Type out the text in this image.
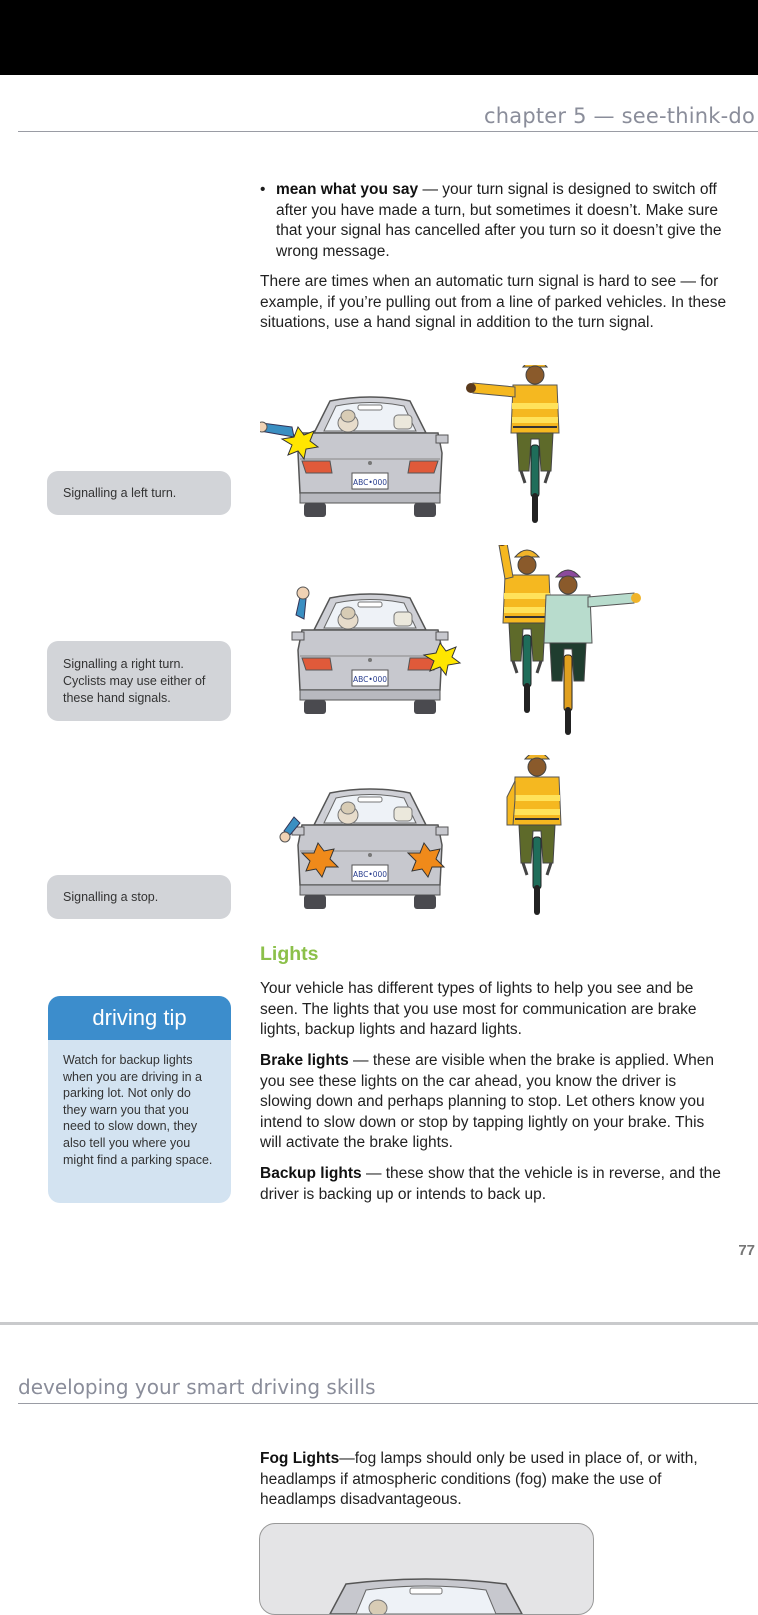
chapter 5 — see-think-do
• mean what you say — your turn signal is designed to switch off after you have made a turn, but sometimes it doesn’t. Make sure that your signal has cancelled after you turn so it doesn’t give the wrong message.
There are times when an automatic turn signal is hard to see — for example, if you’re pulling out from a line of parked vehicles. In these situations, use a hand signal in addition to the turn signal.
Signalling a left turn.
Signalling a right turn. Cyclists may use either of these hand signals.
Signalling a stop.
Lights
Your vehicle has different types of lights to help you see and be seen. The lights that you use most for communication are brake lights, backup lights and hazard lights.
Brake lights — these are visible when the brake is applied. When you see these lights on the car ahead, you know the driver is slowing down and perhaps planning to stop. Let others know you intend to slow down or stop by tapping lightly on your brake. This will activate the brake lights.
Backup lights — these show that the vehicle is in reverse, and the driver is backing up or intends to back up.
driving tip
Watch for backup lights when you are driving in a parking lot. Not only do they warn you that you need to slow down, they also tell you where you might find a parking space.
77
developing your smart driving skills
Fog Lights—fog lamps should only be used in place of, or with, headlamps if atmospheric conditions (fog) make the use of headlamps disadvantageous.
